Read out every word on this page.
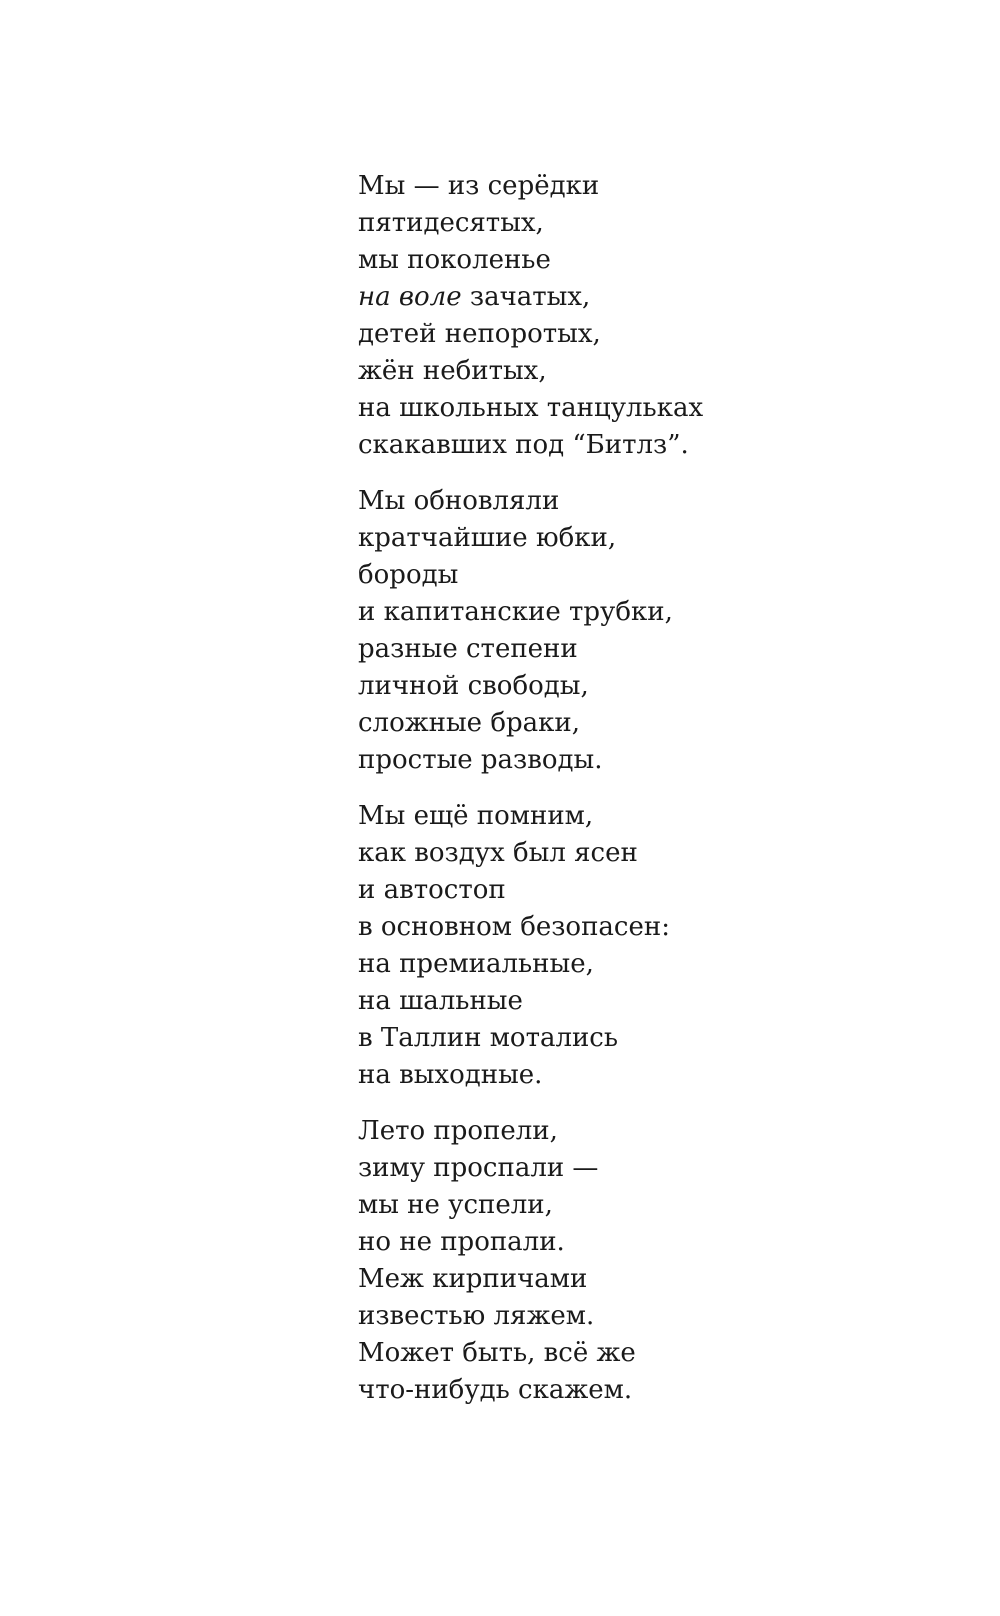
Мы — из серёдки
пятидесятых,
мы поколенье
на воле зачатых,
детей непоротых,
жён небитых,
на школьных танцульках
скакавших под “Битлз”.
Мы обновляли
кратчайшие юбки,
бороды
и капитанские трубки,
разные степени
личной свободы,
сложные браки,
простые разводы.
Мы ещё помним,
как воздух был ясен
и автостоп
в основном безопасен:
на премиальные,
на шальные
в Таллин мотались
на выходные.
Лето пропели,
зиму проспали —
мы не успели,
но не пропали.
Меж кирпичами
известью ляжем.
Может быть, всё же
что-нибудь скажем.
